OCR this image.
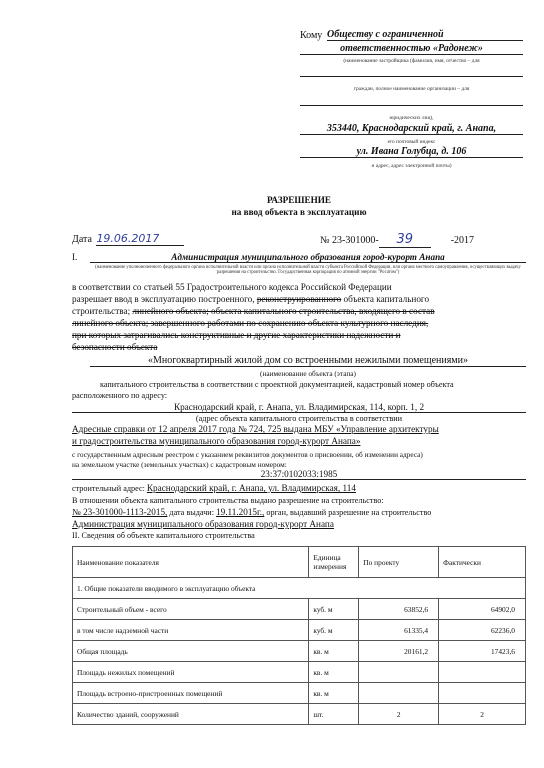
Кому Обществу с ограниченной
ответственностью «Радонеж»
(наименование застройщика (фамилия, имя, отчество – для
граждан, полное наименование организации – для
юридических лиц),
353440, Краснодарский край, г. Анапа,
его почтовый индекс
ул. Ивана Голубца, д. 106
и адрес, адрес электронной почты)
РАЗРЕШЕНИЕ
на ввод объекта в эксплуатацию
Дата 19.06.2017	№ 23-301000- 39	-2017
I.	Администрация муниципального образования город-курорт Анапа
(наименование уполномоченного федерального органа исполнительной власти или органа исполнительной власти субъекта Российской Федерации, или органа местного самоуправления, осуществляющих выдачу разрешения на строительство. Государственная корпорация по атомной энергии "Росатом")
в соответствии со статьей 55 Градостроительного кодекса Российской Федерации
разрешает ввод в эксплуатацию построенного, реконструированного объекта капитального
строительства; линейного объекта; объекта капитального строительства, входящего в состав
линейного объекта; завершенного работами по сохранению объекта культурного наследия,
при которых затрагивались конструктивные и другие характеристики надежности и
безопасности объекта
«Многоквартирный жилой дом со встроенными нежилыми помещениями»
(наименование объекта (этапа)
капитального строительства в соответствии с проектной документацией, кадастровый номер объекта
расположенного по адресу:
Краснодарский край, г. Анапа, ул. Владимирская, 114, корп. 1, 2
(адрес объекта капитального строительства в соответствии
Адресные справки от 12 апреля 2017 года № 724, 725 выдана МБУ «Управление архитектуры
и градостроительства муниципального образования город-курорт Анапа»
с государственным адресным реестром с указанием реквизитов документов о присвоении, об изменении адреса)
на земельном участке (земельных участках) с кадастровым номером:
23:37:0102033:1985
строительный адрес: Краснодарский край, г. Анапа, ул. Владимирская, 114
В отношении объекта капитального строительства выдано разрешение на строительство:
№ 23-301000-1113-2015, дата выдачи: 19.11.2015г., орган, выдавший разрешение на строительство
Администрация муниципального образования город-курорт Анапа
II. Сведения об объекте капитального строительства
Наименование показателя	Единица измерения	По проекту	Фактически
1. Общие показатели вводимого в эксплуатацию объекта			
Строительный объем - всего	куб. м	63852,6	64902,0
в том числе надземной части	куб. м	61335,4	62236,0
Общая площадь	кв. м	20161,2	17423,6
Площадь нежилых помещений	кв. м		
Площадь встроено-пристроенных помещений	кв. м		
Количество зданий, сооружений	шт.	2	2
